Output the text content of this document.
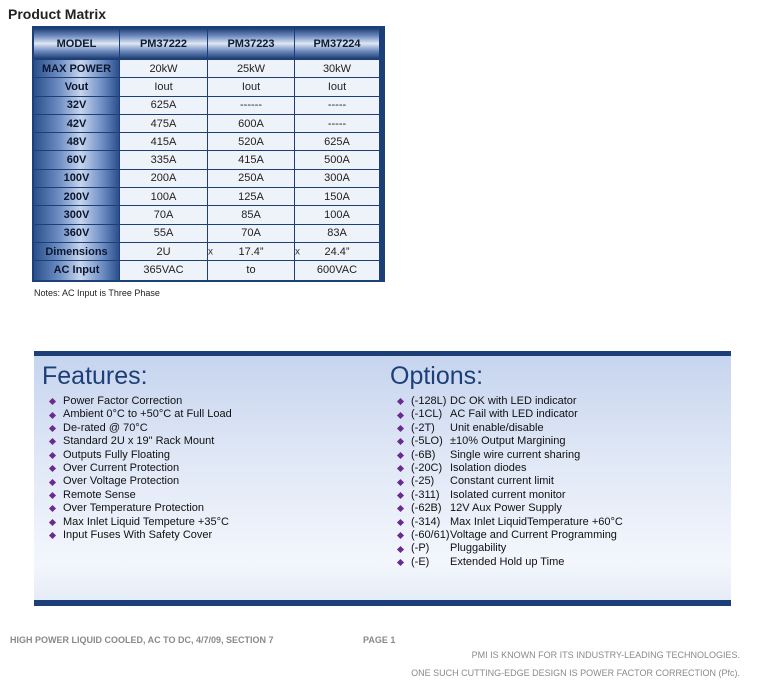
Product Matrix
MODEL	PM37222	PM37223	PM37224
MAX POWER	20kW	25kW	30kW
Vout	Iout	Iout	Iout
32V	625A	------	-----
42V	475A	600A	-----
48V	415A	520A	625A
60V	335A	415A	500A
100V	200A	250A	300A
200V	100A	125A	150A
300V	70A	85A	100A
360V	55A	70A	83A
Dimensions	2U	x 17.4”	x 24.4”
AC Input	365VAC	to	600VAC
Notes: AC Input is Three Phase
Features:
Power Factor Correction
Ambient 0°C to +50°C at Full Load
De-rated @ 70°C
Standard 2U x 19" Rack Mount
Outputs Fully Floating
Over Current Protection
Over Voltage Protection
Remote Sense
Over Temperature Protection
Max Inlet Liquid Tempeture +35°C
Input Fuses With Safety Cover
Options:
(-128L) DC OK with LED indicator
(-1CL) AC Fail with LED indicator
(-2T)	Unit enable/disable
(-5LO) ±10% Output Margining
(-6B)	Single wire current sharing
(-20C) Isolation diodes
(-25)	Constant current limit
(-311) Isolated current monitor
(-62B) 12V Aux Power Supply
(-314) Max Inlet LiquidTemperature +60°C
(-60/61) Voltage and Current Programming
(-P)	Pluggability
(-E)	Extended Hold up Time
HIGH POWER LIQUID COOLED, AC TO DC, 4/7/09, SECTION 7	PAGE 1
PMI IS KNOWN FOR ITS INDUSTRY-LEADING TECHNOLOGIES.
ONE SUCH CUTTING-EDGE DESIGN IS POWER FACTOR CORRECTION (Pfc).
